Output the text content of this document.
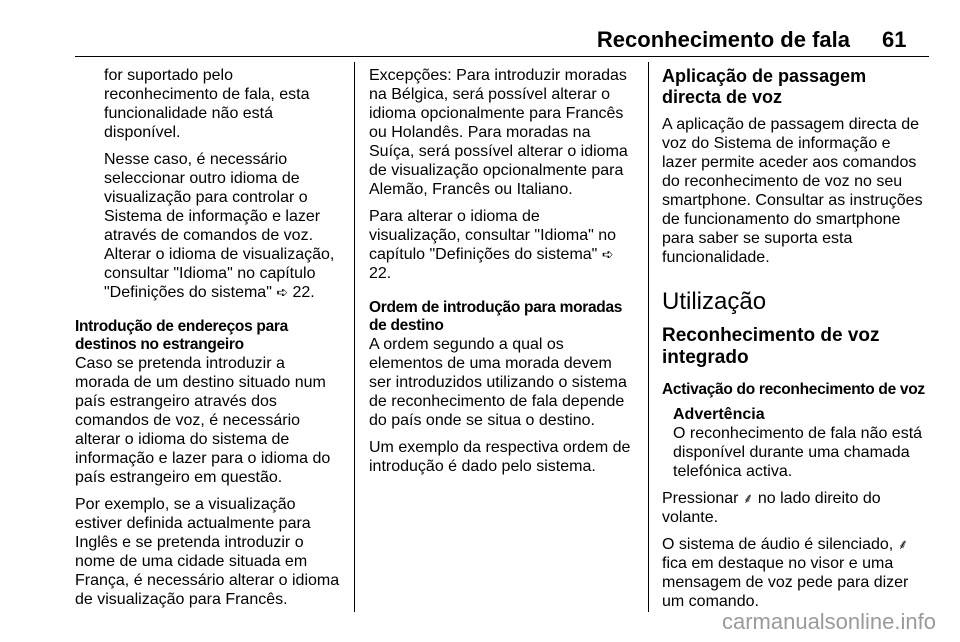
Reconhecimento de fala 61

for suportado pelo reconhecimento de fala, esta funcionalidade não está disponível.

Nesse caso, é necessário seleccionar outro idioma de visualização para controlar o Sistema de informação e lazer através de comandos de voz. Alterar o idioma de visualização, consultar "Idioma" no capítulo "Definições do sistema" ➪ 22.

Introdução de endereços para destinos no estrangeiro

Caso se pretenda introduzir a morada de um destino situado num país estrangeiro através dos comandos de voz, é necessário alterar o idioma do sistema de informação e lazer para o idioma do país estrangeiro em questão.

Por exemplo, se a visualização estiver definida actualmente para Inglês e se pretenda introduzir o nome de uma cidade situada em França, é necessário alterar o idioma de visualização para Francês.

Excepções: Para introduzir moradas na Bélgica, será possível alterar o idioma opcionalmente para Francês ou Holandês. Para moradas na Suíça, será possível alterar o idioma de visualização opcionalmente para Alemão, Francês ou Italiano.

Para alterar o idioma de visualização, consultar "Idioma" no capítulo "Definições do sistema" ➪ 22.

Ordem de introdução para moradas de destino

A ordem segundo a qual os elementos de uma morada devem ser introduzidos utilizando o sistema de reconhecimento de fala depende do país onde se situa o destino.

Um exemplo da respectiva ordem de introdução é dado pelo sistema.

Aplicação de passagem directa de voz

A aplicação de passagem directa de voz do Sistema de informação e lazer permite aceder aos comandos do reconhecimento de voz no seu smartphone. Consultar as instruções de funcionamento do smartphone para saber se suporta esta funcionalidade.

Utilização
Reconhecimento de voz integrado
Activação do reconhecimento de voz
Advertência
O reconhecimento de fala não está disponível durante uma chamada telefónica activa.

Pressionar ⸙ no lado direito do volante.

O sistema de áudio é silenciado, ⸙ fica em destaque no visor e uma mensagem de voz pede para dizer um comando.

carmanualsonline.info
